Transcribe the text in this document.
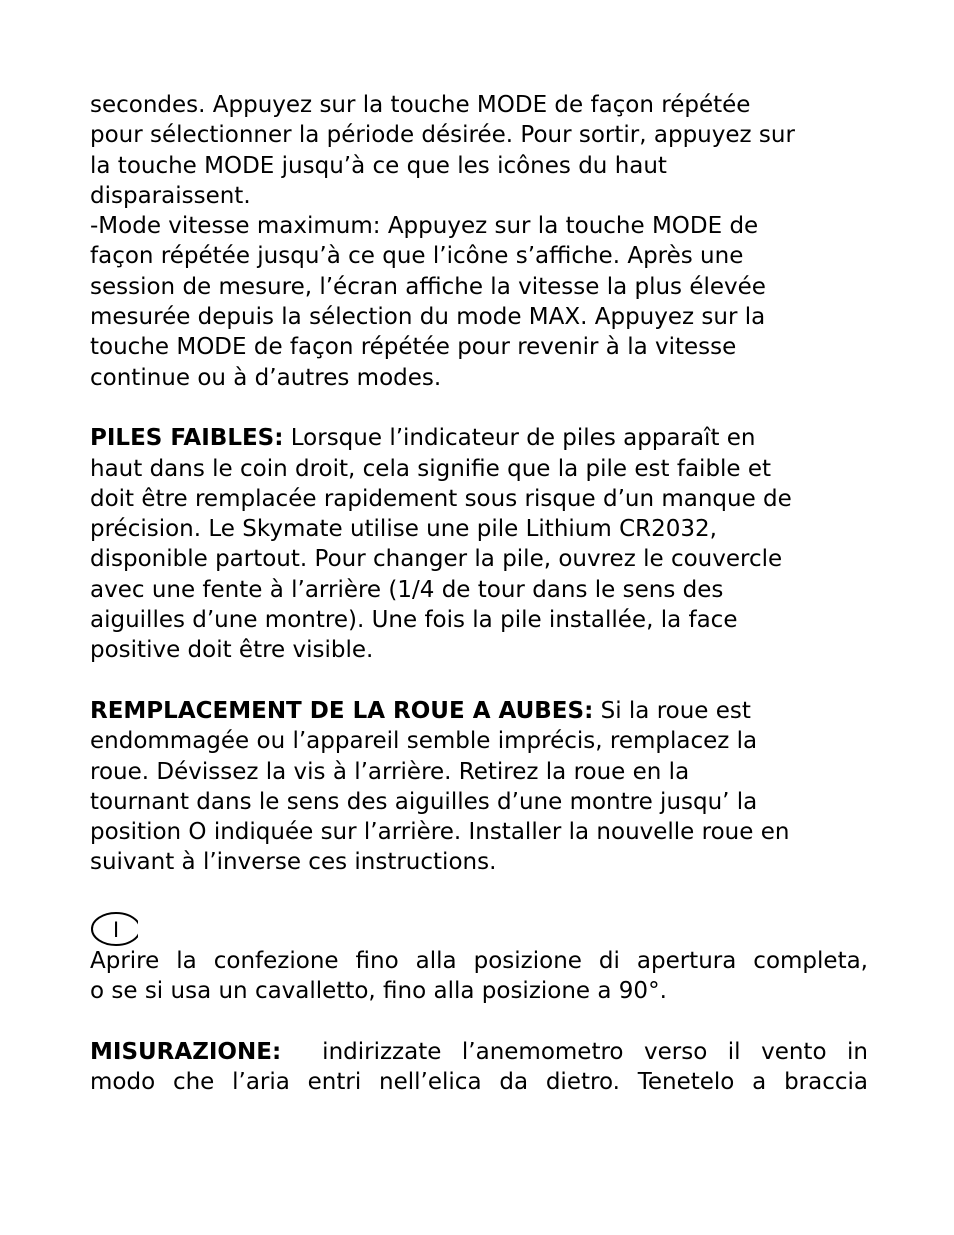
secondes. Appuyez sur la touche MODE de façon répétée
pour sélectionner la période désirée. Pour sortir, appuyez sur
la touche MODE jusqu’à ce que les icônes du haut
disparaissent.

-Mode vitesse maximum: Appuyez sur la touche MODE de
façon répétée jusqu’à ce que l’icône s’affiche. Après une
session de mesure, l’écran affiche la vitesse la plus élevée
mesurée depuis la sélection du mode MAX. Appuyez sur la
touche MODE de façon répétée pour revenir à la vitesse
continue ou à d’autres modes.

PILES FAIBLES: Lorsque l’indicateur de piles apparaît en
haut dans le coin droit, cela signifie que la pile est faible et
doit être remplacée rapidement sous risque d’un manque de
précision. Le Skymate utilise une pile Lithium CR2032,
disponible partout. Pour changer la pile, ouvrez le couvercle
avec une fente à l’arrière (1/4 de tour dans le sens des
aiguilles d’une montre). Une fois la pile installée, la face
positive doit être visible.

REMPLACEMENT DE LA ROUE A AUBES: Si la roue est
endommagée ou l’appareil semble imprécis, remplacez la
roue. Dévissez la vis à l’arrière. Retirez la roue en la
tournant dans le sens des aiguilles d’une montre jusqu’ la
position O indiquée sur l’arrière. Installer la nouvelle roue en
suivant à l’inverse ces instructions.

I

Aprire la confezione fino alla posizione di apertura completa,
o se si usa un cavalletto, fino alla posizione a 90°.

MISURAZIONE:  indirizzate l’anemometro verso il vento in
modo che l’aria entri nell’elica da dietro. Tenetelo a braccia
